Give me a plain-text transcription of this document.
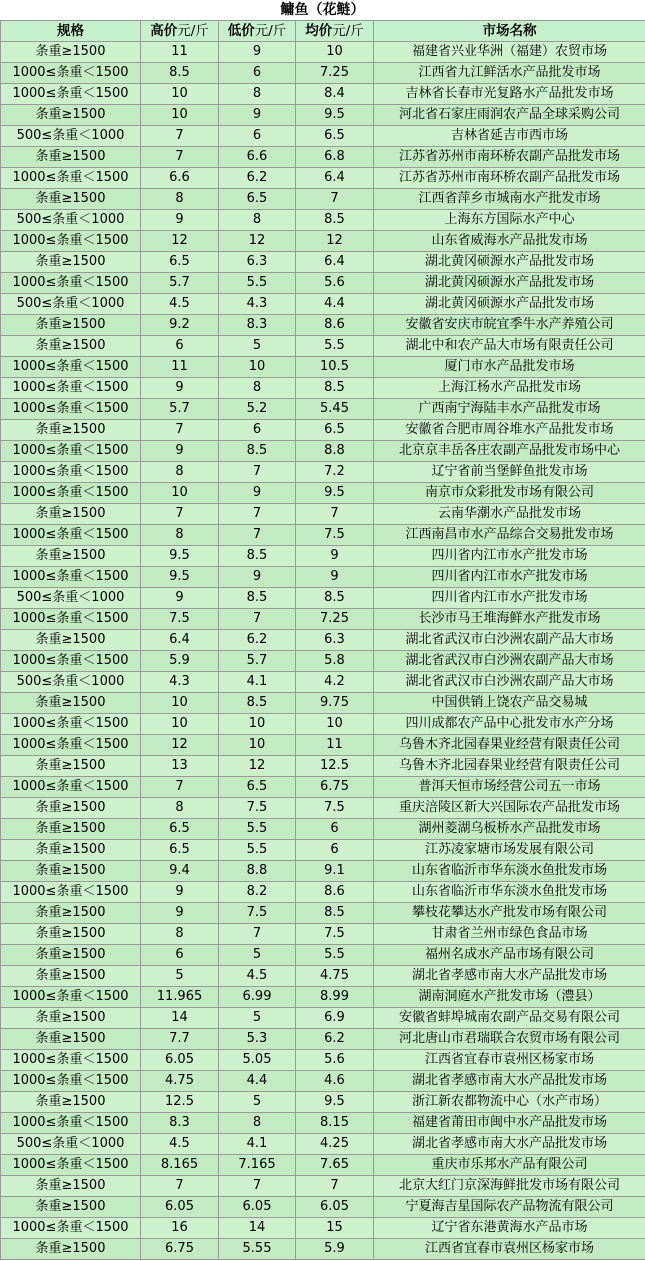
鳙鱼（花鲢）
规格	高价元/斤	低价元/斤	均价元/斤	市场名称
条重≥1500	11	9	10	福建省兴业华洲（福建）农贸市场
1000≤条重＜1500	8.5	6	7.25	江西省九江鲜活水产品批发市场
1000≤条重＜1500	10	8	8.4	吉林省长春市光复路水产品批发市场
条重≥1500	10	9	9.5	河北省石家庄雨润农产品全球采购公司
500≤条重＜1000	7	6	6.5	吉林省延吉市西市场
条重≥1500	7	6.6	6.8	江苏省苏州市南环桥农副产品批发市场
1000≤条重＜1500	6.6	6.2	6.4	江苏省苏州市南环桥农副产品批发市场
条重≥1500	8	6.5	7	江西省萍乡市城南水产批发市场
500≤条重＜1000	9	8	8.5	上海东方国际水产中心
1000≤条重＜1500	12	12	12	山东省威海水产品批发市场
条重≥1500	6.5	6.3	6.4	湖北黄冈硕源水产品批发市场
1000≤条重＜1500	5.7	5.5	5.6	湖北黄冈硕源水产品批发市场
500≤条重＜1000	4.5	4.3	4.4	湖北黄冈硕源水产品批发市场
条重≥1500	9.2	8.3	8.6	安徽省安庆市皖宜季牛水产养殖公司
条重≥1500	6	5	5.5	湖北中和农产品大市场有限责任公司
1000≤条重＜1500	11	10	10.5	厦门市水产品批发市场
1000≤条重＜1500	9	8	8.5	上海江杨水产品批发市场
1000≤条重＜1500	5.7	5.2	5.45	广西南宁海陆丰水产品批发市场
条重≥1500	7	6	6.5	安徽省合肥市周谷堆水产品批发市场
1000≤条重＜1500	9	8.5	8.8	北京京丰岳各庄农副产品批发市场中心
1000≤条重＜1500	8	7	7.2	辽宁省前当堡鲜鱼批发市场
1000≤条重＜1500	10	9	9.5	南京市众彩批发市场有限公司
条重≥1500	7	7	7	云南华潮水产品批发市场
1000≤条重＜1500	8	7	7.5	江西南昌市水产品综合交易批发市场
条重≥1500	9.5	8.5	9	四川省内江市水产批发市场
1000≤条重＜1500	9.5	9	9	四川省内江市水产批发市场
500≤条重＜1000	9	8.5	8.5	四川省内江市水产批发市场
1000≤条重＜1500	7.5	7	7.25	长沙市马王堆海鲜水产批发市场
条重≥1500	6.4	6.2	6.3	湖北省武汉市白沙洲农副产品大市场
1000≤条重＜1500	5.9	5.7	5.8	湖北省武汉市白沙洲农副产品大市场
500≤条重＜1000	4.3	4.1	4.2	湖北省武汉市白沙洲农副产品大市场
条重≥1500	10	8.5	9.75	中国供销上饶农产品交易城
1000≤条重＜1500	10	10	10	四川成都农产品中心批发市水产分场
1000≤条重＜1500	12	10	11	乌鲁木齐北园春果业经营有限责任公司
条重≥1500	13	12	12.5	乌鲁木齐北园春果业经营有限责任公司
1000≤条重＜1500	7	6.5	6.75	普洱天恒市场经营公司五一市场
条重≥1500	8	7.5	7.5	重庆涪陵区新大兴国际农产品批发市场
条重≥1500	6.5	5.5	6	湖州菱湖乌板桥水产品批发市场
条重≥1500	6.5	5.5	6	江苏凌家塘市场发展有限公司
条重≥1500	9.4	8.8	9.1	山东省临沂市华东淡水鱼批发市场
1000≤条重＜1500	9	8.2	8.6	山东省临沂市华东淡水鱼批发市场
条重≥1500	9	7.5	8.5	攀枝花攀达水产批发市场有限公司
条重≥1500	8	7	7.5	甘肃省兰州市绿色食品市场
条重≥1500	6	5	5.5	福州名成水产品市场有限公司
条重≥1500	5	4.5	4.75	湖北省孝感市南大水产品批发市场
1000≤条重＜1500	11.965	6.99	8.99	湖南洞庭水产批发市场（澧县）
条重≥1500	14	5	6.9	安徽省蚌埠城南农副产品交易有限公司
条重≥1500	7.7	5.3	6.2	河北唐山市君瑞联合农贸市场有限公司
1000≤条重＜1500	6.05	5.05	5.6	江西省宜春市袁州区杨家市场
1000≤条重＜1500	4.75	4.4	4.6	湖北省孝感市南大水产品批发市场
条重≥1500	12.5	5	9.5	浙江新农都物流中心（水产市场）
1000≤条重＜1500	8.3	8	8.15	福建省莆田市闽中水产品批发市场
500≤条重＜1000	4.5	4.1	4.25	湖北省孝感市南大水产品批发市场
1000≤条重＜1500	8.165	7.165	7.65	重庆市乐邦水产品有限公司
条重≥1500	7	7	7	北京大红门京深海鲜批发市场有限公司
条重≥1500	6.05	6.05	6.05	宁夏海吉星国际农产品物流有限公司
1000≤条重＜1500	16	14	15	辽宁省东港黄海水产品市场
条重≥1500	6.75	5.55	5.9	江西省宜春市袁州区杨家市场
